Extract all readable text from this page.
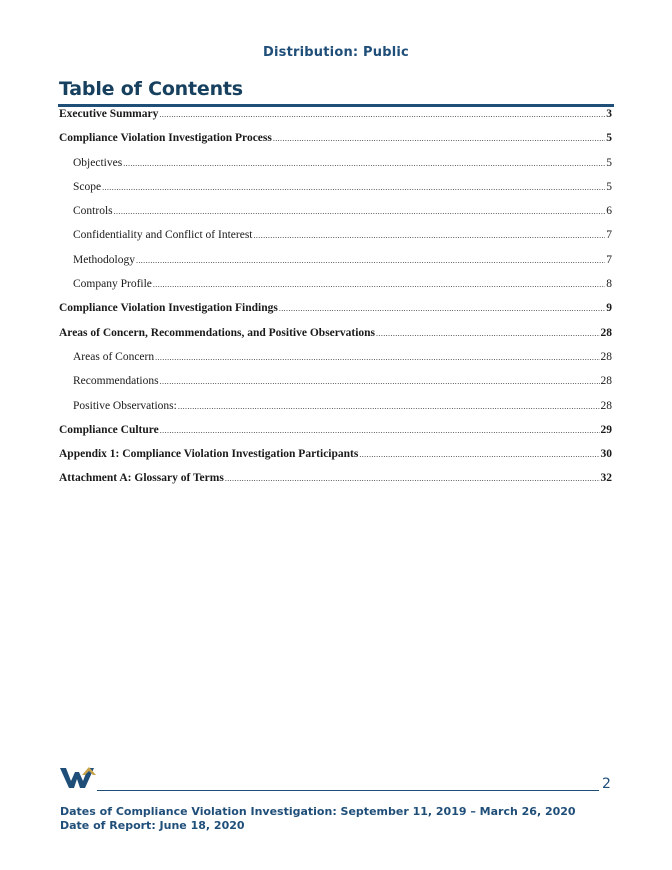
Distribution: Public
Table of Contents
Executive Summary .....	3
Compliance Violation Investigation Process .....	5
Objectives .....	5
Scope .....	5
Controls .....	6
Confidentiality and Conflict of Interest .....	7
Methodology .....	7
Company Profile .....	8
Compliance Violation Investigation Findings .....	9
Areas of Concern, Recommendations, and Positive Observations .....	28
Areas of Concern .....	28
Recommendations .....	28
Positive Observations: .....	28
Compliance Culture .....	29
Appendix 1: Compliance Violation Investigation Participants .....	30
Attachment A: Glossary of Terms .....	32
2
Dates of Compliance Violation Investigation: September 11, 2019 – March 26, 2020
Date of Report: June 18, 2020
